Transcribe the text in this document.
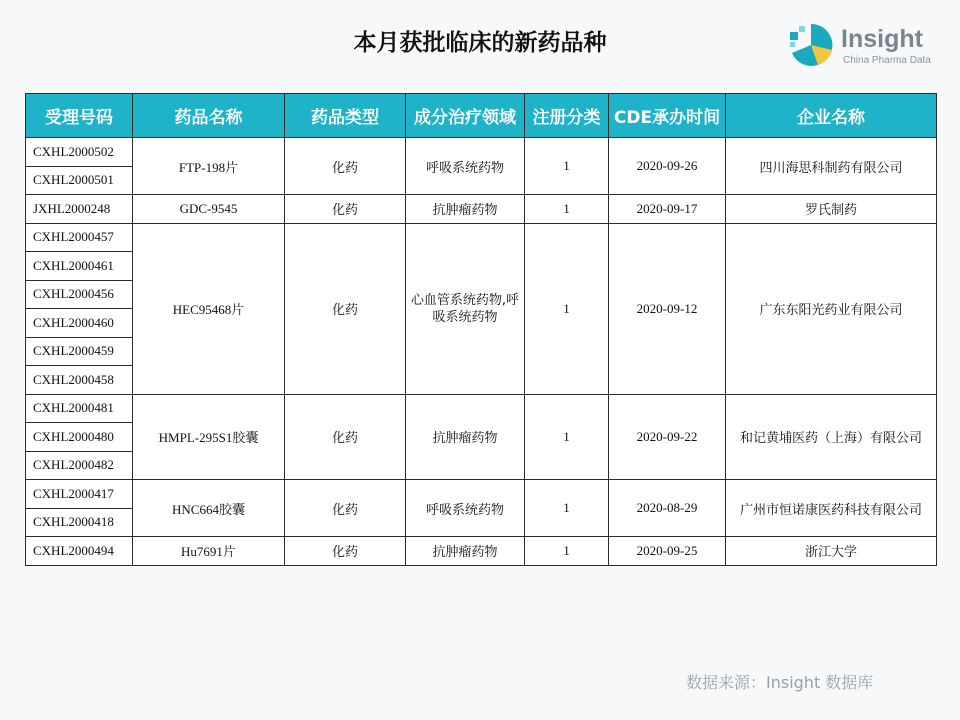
本月获批临床的新药品种	Insight
China Pharma Data
受理号码	药品名称	药品类型	成分治疗领域	注册分类	CDE承办时间	企业名称
CXHL2000502	FTP-198片	化药	呼吸系统药物	1	2020-09-26	四川海思科制药有限公司
CXHL2000501						
JXHL2000248	GDC-9545	化药	抗肿瘤药物	1	2020-09-17	罗氏制药
CXHL2000457	HEC95468片	化药	心血管系统药物,呼吸系统药物	1	2020-09-12	广东东阳光药业有限公司
CXHL2000461						
CXHL2000456						
CXHL2000460						
CXHL2000459						
CXHL2000458						
CXHL2000481	HMPL-295S1胶囊	化药	抗肿瘤药物	1	2020-09-22	和记黄埔医药（上海）有限公司
CXHL2000480						
CXHL2000482						
CXHL2000417	HNC664胶囊	化药	呼吸系统药物	1	2020-08-29	广州市恒诺康医药科技有限公司
CXHL2000418						
CXHL2000494	Hu7691片	化药	抗肿瘤药物	1	2020-09-25	浙江大学
数据来源：Insight 数据库
